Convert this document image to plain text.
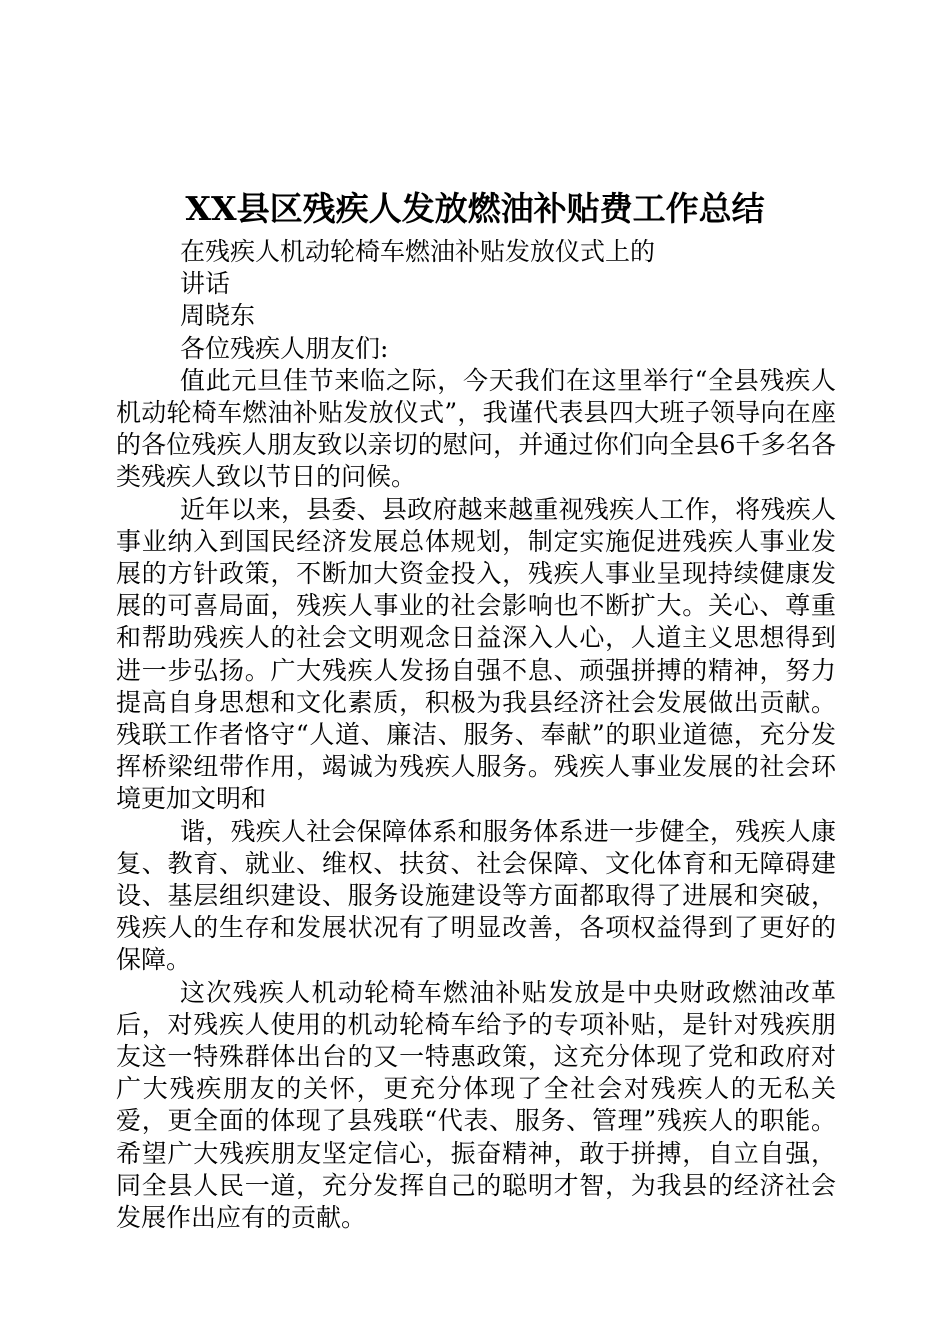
XX县区残疾人发放燃油补贴费工作总结
在残疾人机动轮椅车燃油补贴发放仪式上的
讲话
周晓东
各位残疾人朋友们:

值此元旦佳节来临之际，今天我们在这里举行“全县残疾人机动轮椅车燃油补贴发放仪式”，我谨代表县四大班子领导向在座的各位残疾人朋友致以亲切的慰问，并通过你们向全县6千多名各类残疾人致以节日的问候。

近年以来，县委、县政府越来越重视残疾人工作，将残疾人事业纳入到国民经济发展总体规划，制定实施促进残疾人事业发展的方针政策，不断加大资金投入，残疾人事业呈现持续健康发展的可喜局面，残疾人事业的社会影响也不断扩大。关心、尊重和帮助残疾人的社会文明观念日益深入人心，人道主义思想得到进一步弘扬。广大残疾人发扬自强不息、顽强拼搏的精神，努力提高自身思想和文化素质，积极为我县经济社会发展做出贡献。残联工作者恪守“人道、廉洁、服务、奉献”的职业道德，充分发挥桥梁纽带作用，竭诚为残疾人服务。残疾人事业发展的社会环境更加文明和

谐，残疾人社会保障体系和服务体系进一步健全，残疾人康复、教育、就业、维权、扶贫、社会保障、文化体育和无障碍建设、基层组织建设、服务设施建设等方面都取得了进展和突破，残疾人的生存和发展状况有了明显改善，各项权益得到了更好的保障。

这次残疾人机动轮椅车燃油补贴发放是中央财政燃油改革后，对残疾人使用的机动轮椅车给予的专项补贴，是针对残疾朋友这一特殊群体出台的又一特惠政策，这充分体现了党和政府对广大残疾朋友的关怀，更充分体现了全社会对残疾人的无私关爱，更全面的体现了县残联“代表、服务、管理”残疾人的职能。希望广大残疾朋友坚定信心，振奋精神，敢于拼搏，自立自强，同全县人民一道，充分发挥自己的聪明才智，为我县的经济社会发展作出应有的贡献。
